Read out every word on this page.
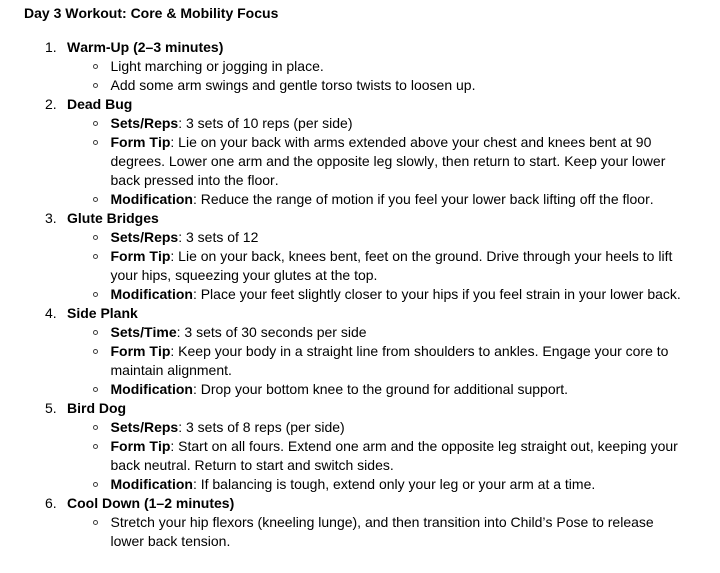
Day 3 Workout: Core & Mobility Focus
1. Warm-Up (2–3 minutes)
Light marching or jogging in place.
Add some arm swings and gentle torso twists to loosen up.
2. Dead Bug
Sets/Reps: 3 sets of 10 reps (per side)
Form Tip: Lie on your back with arms extended above your chest and knees bent at 90 degrees. Lower one arm and the opposite leg slowly, then return to start. Keep your lower back pressed into the floor.
Modification: Reduce the range of motion if you feel your lower back lifting off the floor.
3. Glute Bridges
Sets/Reps: 3 sets of 12
Form Tip: Lie on your back, knees bent, feet on the ground. Drive through your heels to lift your hips, squeezing your glutes at the top.
Modification: Place your feet slightly closer to your hips if you feel strain in your lower back.
4. Side Plank
Sets/Time: 3 sets of 30 seconds per side
Form Tip: Keep your body in a straight line from shoulders to ankles. Engage your core to maintain alignment.
Modification: Drop your bottom knee to the ground for additional support.
5. Bird Dog
Sets/Reps: 3 sets of 8 reps (per side)
Form Tip: Start on all fours. Extend one arm and the opposite leg straight out, keeping your back neutral. Return to start and switch sides.
Modification: If balancing is tough, extend only your leg or your arm at a time.
6. Cool Down (1–2 minutes)
Stretch your hip flexors (kneeling lunge), and then transition into Child’s Pose to release lower back tension.
